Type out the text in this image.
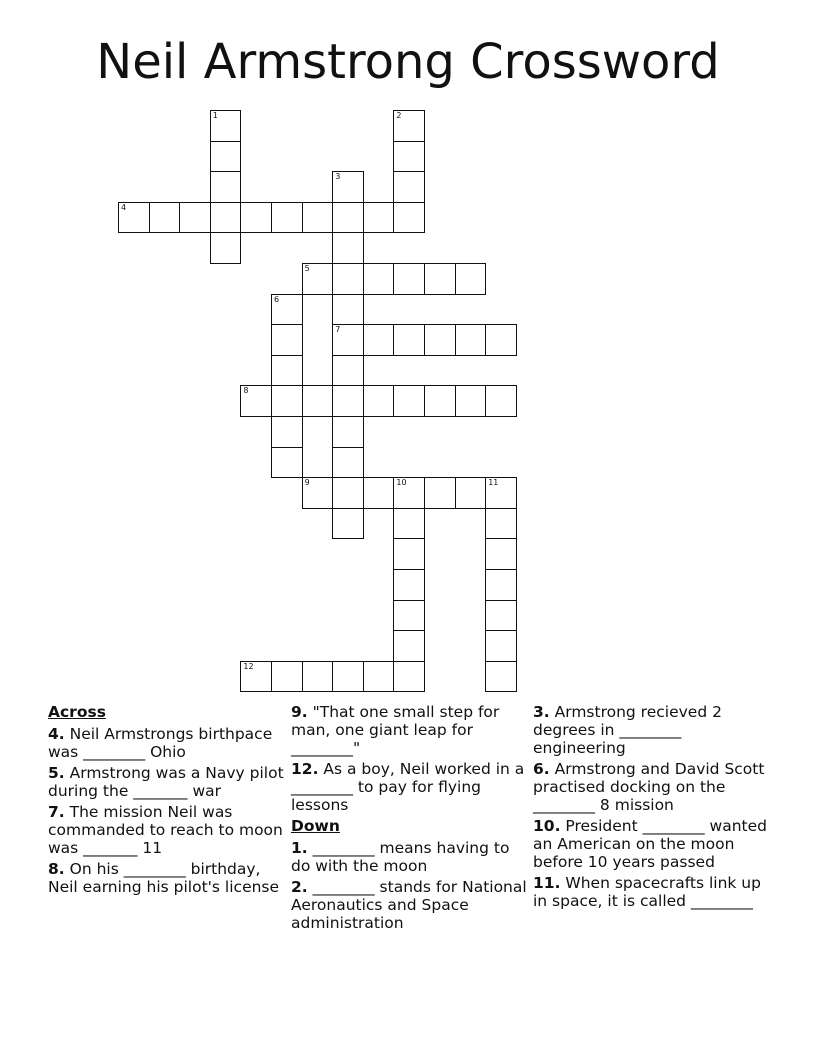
Neil Armstrong Crossword
1	2
3
4
5
6
7
8
9	10	11
12
Across
4. Neil Armstrongs birthpace was ________ Ohio
5. Armstrong was a Navy pilot during the _______ war
7. The mission Neil was commanded to reach to moon was _______ 11
8. On his ________ birthday, Neil earning his pilot's license
9. "That one small step for man, one giant leap for ________"
12. As a boy, Neil worked in a ________ to pay for flying lessons
Down
1. ________ means having to do with the moon
2. ________ stands for National Aeronautics and Space administration
3. Armstrong recieved 2 degrees in ________ engineering
6. Armstrong and David Scott practised docking on the ________ 8 mission
10. President ________ wanted an American on the moon before 10 years passed
11. When spacecrafts link up in space, it is called ________
